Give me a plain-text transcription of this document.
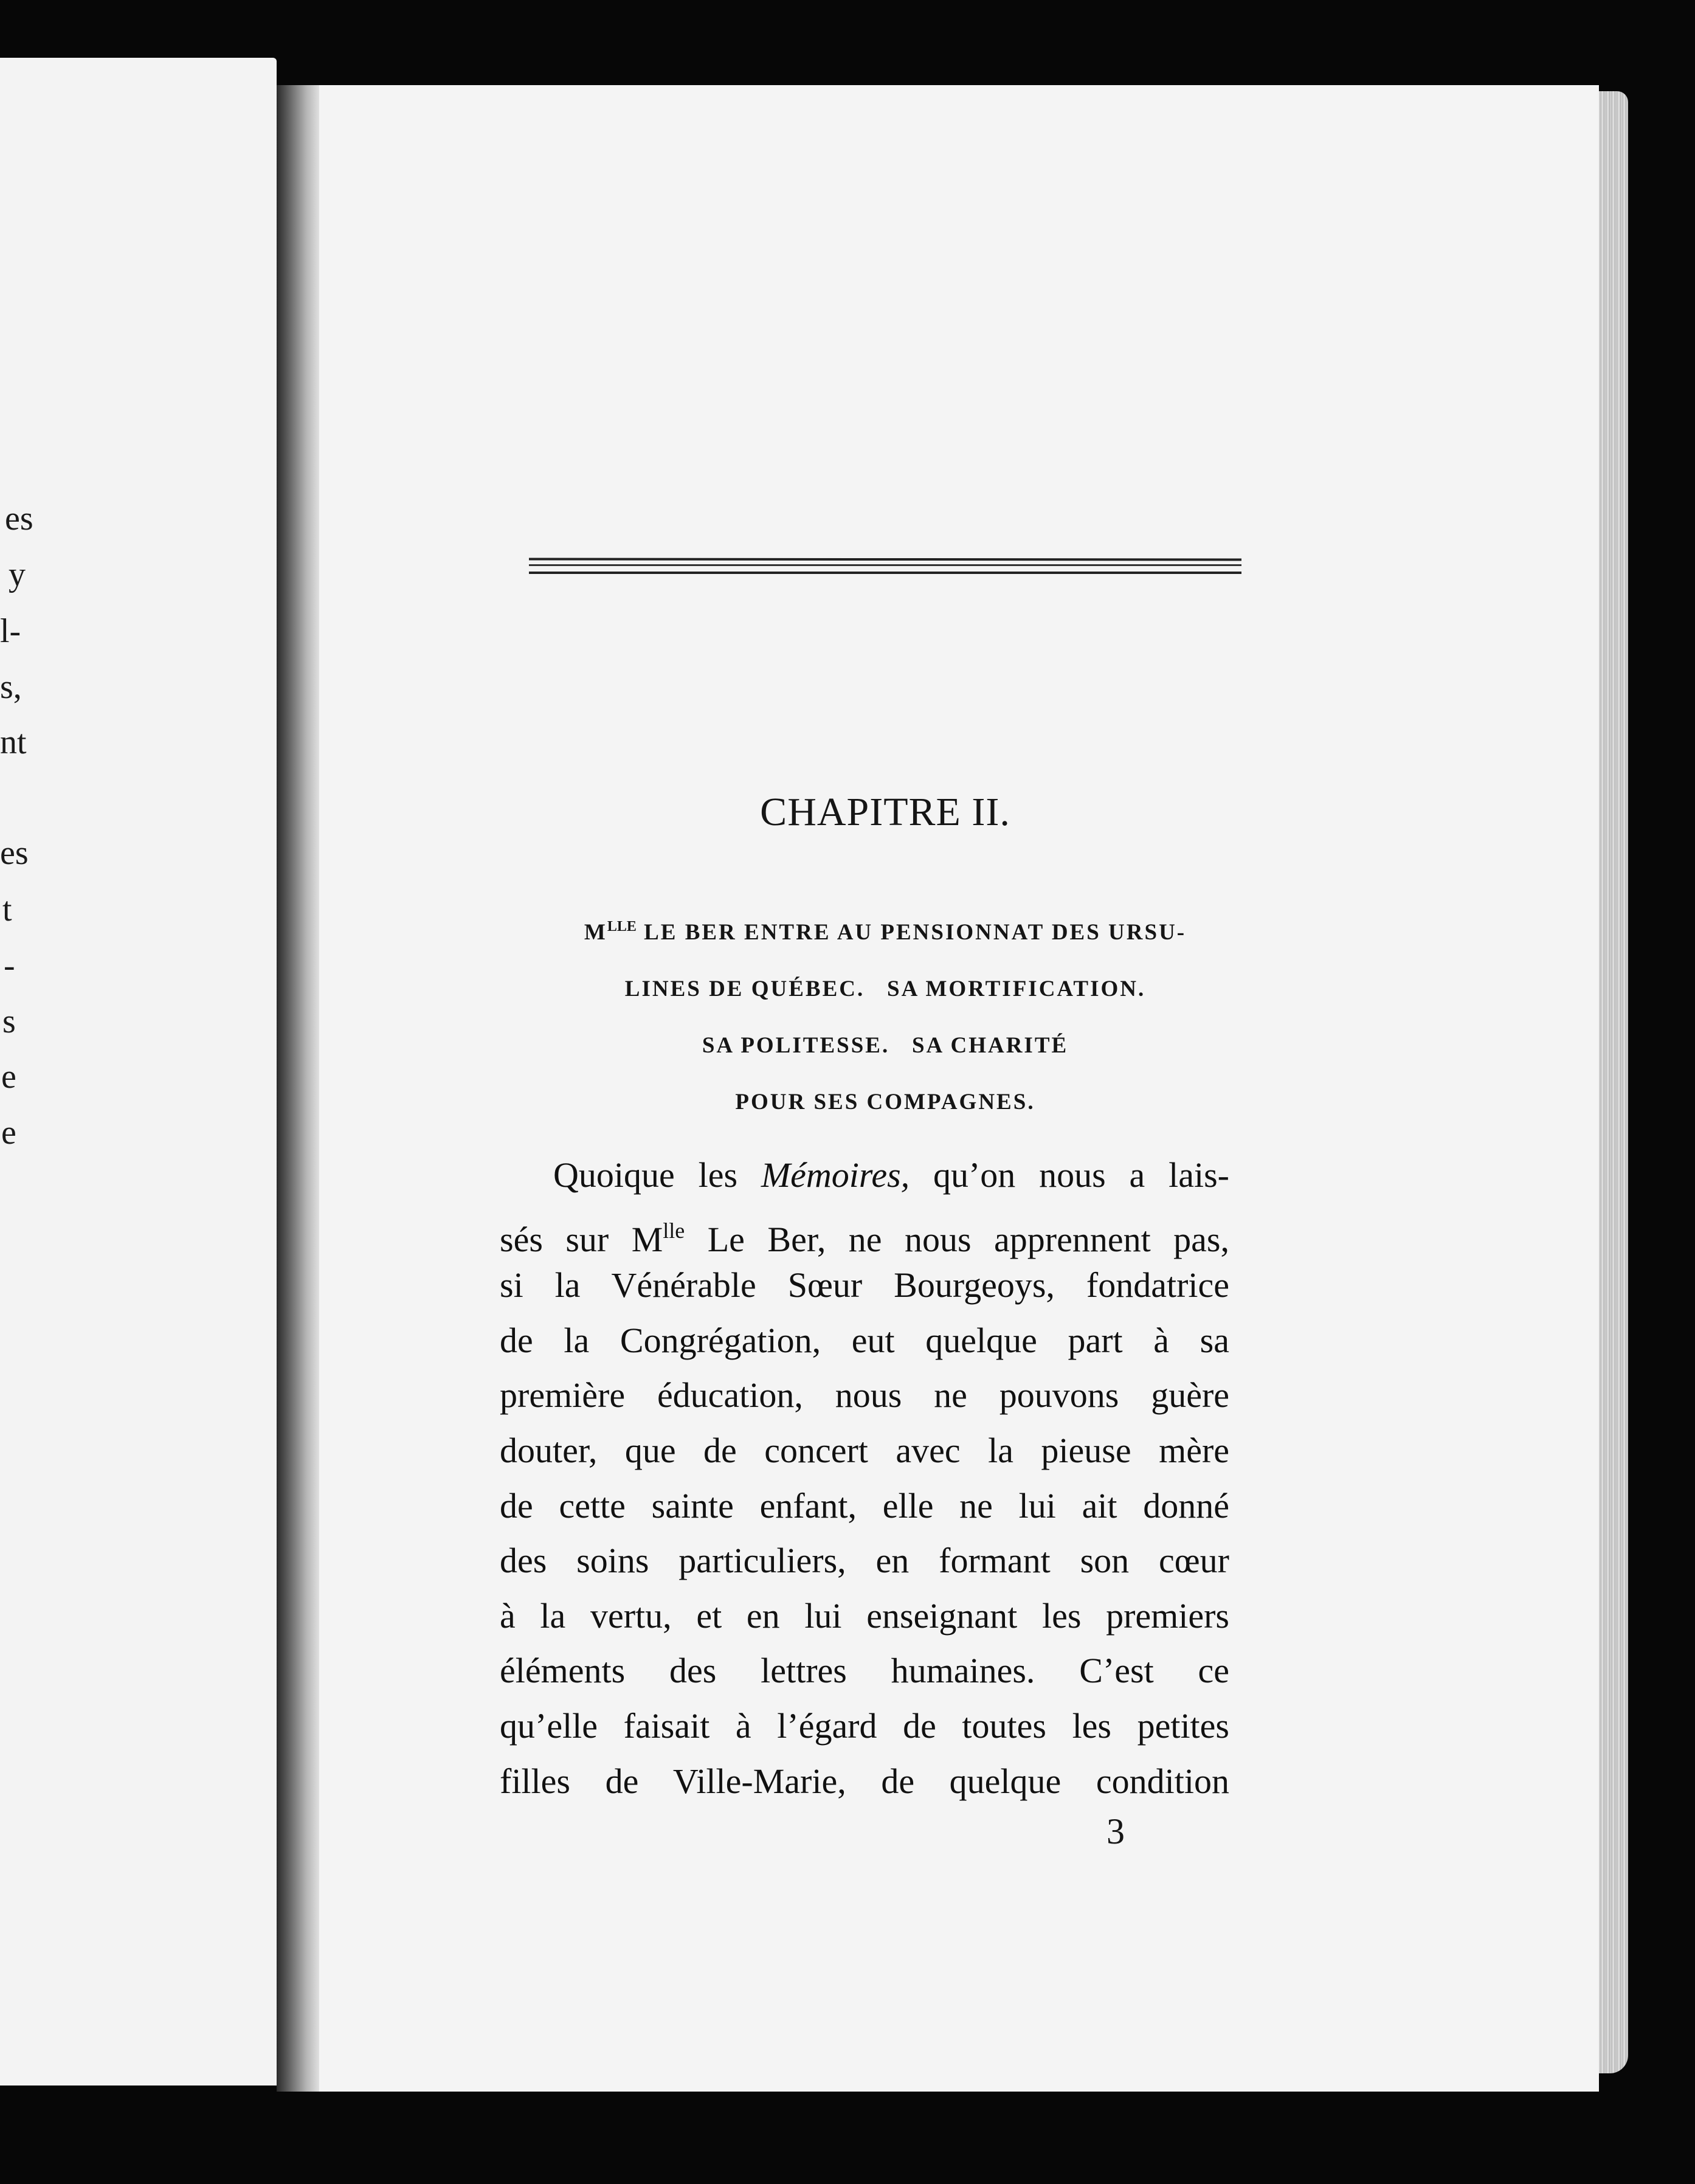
es
y
l-
s,
nt
es
t
-
s
e
e
CHAPITRE II.
$M^{LLE}$ LE BER ENTRE AU PENSIONNAT DES URSU-
LINES DE QUÉBEC.   SA MORTIFICATION.
SA POLITESSE.   SA CHARITÉ
POUR SES COMPAGNES.
Quoique les Mémoires, qu’on nous a lais-
sés sur $M^{lle}$ Le Ber, ne nous apprennent pas,
si la Vénérable Sœur Bourgeoys, fondatrice
de la Congrégation, eut quelque part à sa
première éducation, nous ne pouvons guère
douter, que de concert avec la pieuse mère
de cette sainte enfant, elle ne lui ait donné
des soins particuliers, en formant son cœur
à la vertu, et en lui enseignant les premiers
éléments des lettres humaines. C’est ce
qu’elle faisait à l’égard de toutes les petites
filles de Ville-Marie, de quelque condition
3
